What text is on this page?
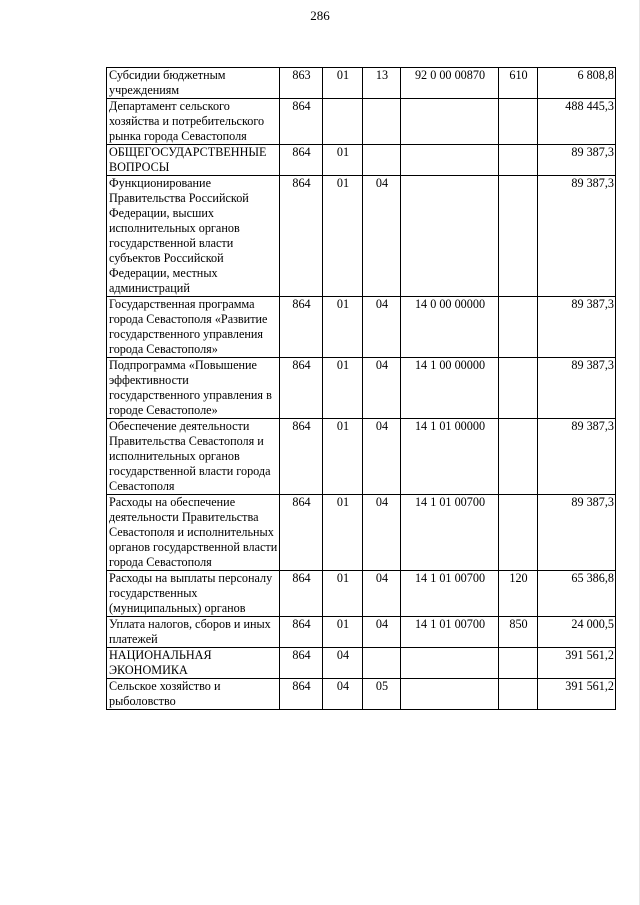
286
Субсидии бюджетным учреждениям	863	01	13	92 0 00 00870	610	6 808,8
Департамент сельского хозяйства и потребительского рынка города Севастополя	864					488 445,3
ОБЩЕГОСУДАРСТВЕННЫЕ ВОПРОСЫ	864	01				89 387,3
Функционирование Правительства Российской Федерации, высших исполнительных органов государственной власти субъектов Российской Федерации, местных администраций	864	01	04			89 387,3
Государственная программа города Севастополя «Развитие государственного управления города Севастополя»	864	01	04	14 0 00 00000		89 387,3
Подпрограмма «Повышение эффективности государственного управления в городе Севастополе»	864	01	04	14 1 00 00000		89 387,3
Обеспечение деятельности Правительства Севастополя и исполнительных органов государственной власти города Севастополя	864	01	04	14 1 01 00000		89 387,3
Расходы на обеспечение деятельности Правительства Севастополя и исполнительных органов государственной власти города Севастополя	864	01	04	14 1 01 00700		89 387,3
Расходы на выплаты персоналу государственных (муниципальных) органов	864	01	04	14 1 01 00700	120	65 386,8
Уплата налогов, сборов и иных платежей	864	01	04	14 1 01 00700	850	24 000,5
НАЦИОНАЛЬНАЯ ЭКОНОМИКА	864	04				391 561,2
Сельское хозяйство и рыболовство	864	04	05			391 561,2
